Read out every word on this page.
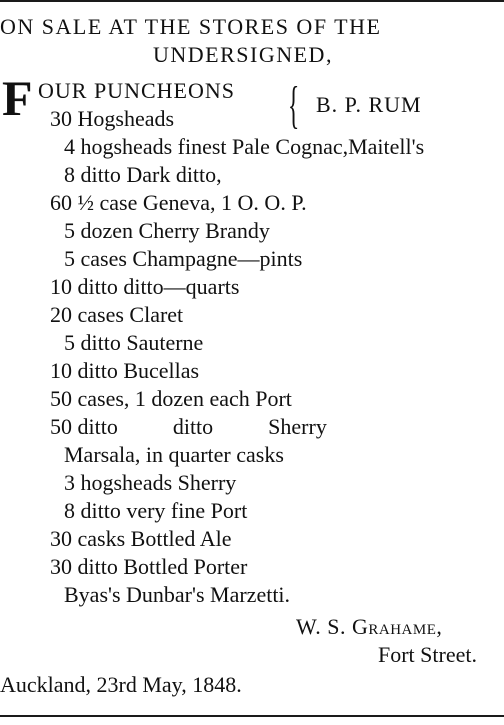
ON SALE AT THE STORES OF THE
UNDERSIGNED,
F OUR PUNCHEONS
30 Hogsheads { B. P. RUM
4 hogsheads finest Pale Cognac,Maitell's
8 ditto Dark ditto,
60 ½ case Geneva, 1 O. O. P.
5 dozen Cherry Brandy
5 cases Champagne—pints
10 ditto ditto—quarts
20 cases Claret
5 ditto Sauterne
10 ditto Bucellas
50 cases, 1 dozen each Port
50 ditto          ditto          Sherry
Marsala, in quarter casks
3 hogsheads Sherry
8 ditto very fine Port
30 casks Bottled Ale
30 ditto Bottled Porter
Byas's Dunbar's Marzetti.
W. S. Grahame,
Fort Street.
Auckland, 23rd May, 1848.
